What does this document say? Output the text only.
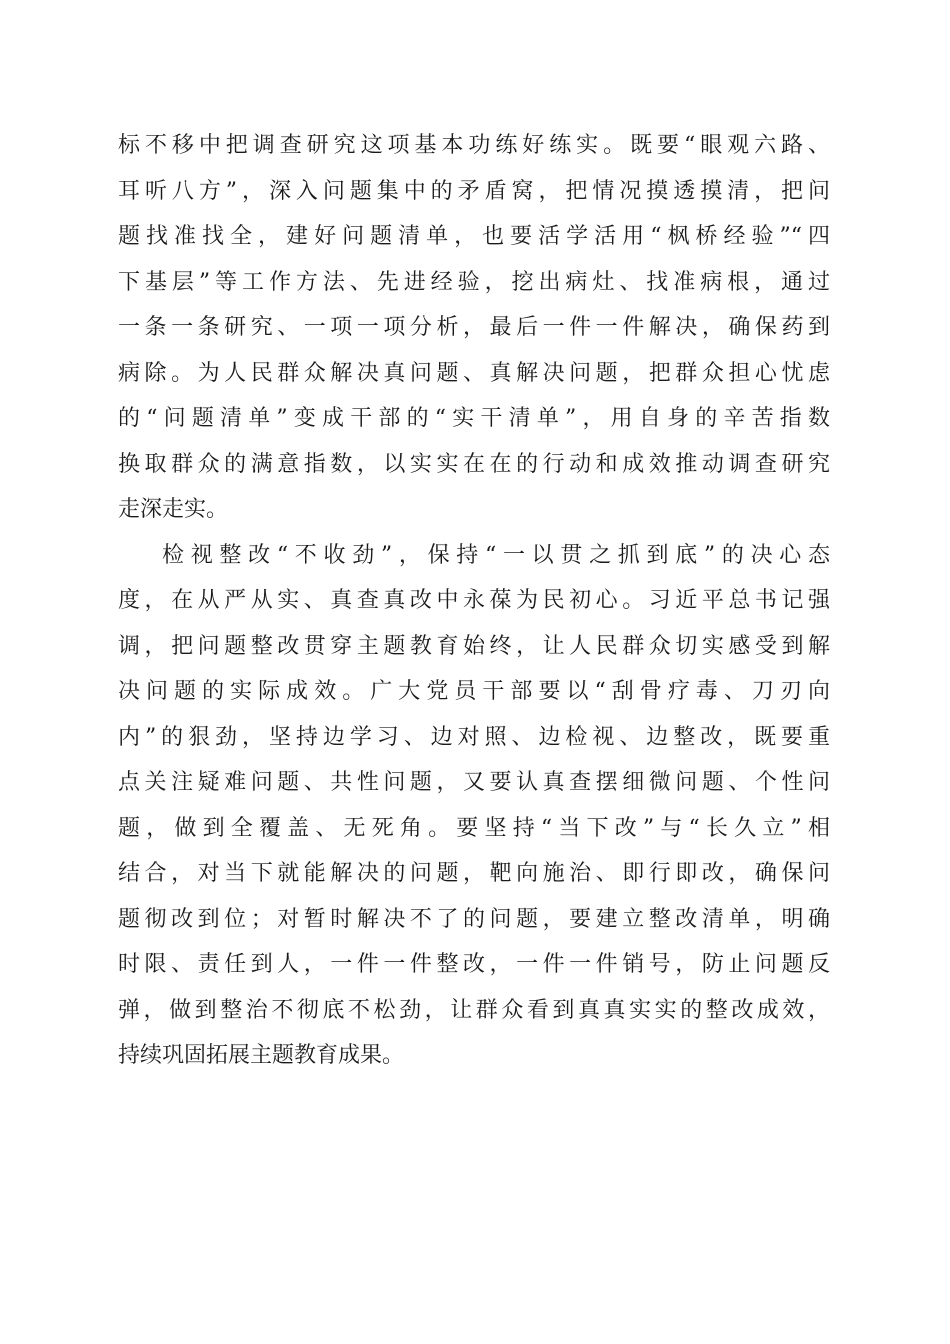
标不移中把调查研究这项基本功练好练实。既要“眼观六路、
耳听八方”，深入问题集中的矛盾窝，把情况摸透摸清，把问
题找准找全，建好问题清单，也要活学活用“枫桥经验”“四
下基层”等工作方法、先进经验，挖出病灶、找准病根，通过
一条一条研究、一项一项分析，最后一件一件解决，确保药到
病除。为人民群众解决真问题、真解决问题，把群众担心忧虑
的“问题清单”变成干部的“实干清单”，用自身的辛苦指数
换取群众的满意指数，以实实在在的行动和成效推动调查研究
走深走实。
检视整改“不收劲”，保持“一以贯之抓到底”的决心态
度，在从严从实、真查真改中永葆为民初心。习近平总书记强
调，把问题整改贯穿主题教育始终，让人民群众切实感受到解
决问题的实际成效。广大党员干部要以“刮骨疗毒、刀刃向
内”的狠劲，坚持边学习、边对照、边检视、边整改，既要重
点关注疑难问题、共性问题，又要认真查摆细微问题、个性问
题，做到全覆盖、无死角。要坚持“当下改”与“长久立”相
结合，对当下就能解决的问题，靶向施治、即行即改，确保问
题彻改到位；对暂时解决不了的问题，要建立整改清单，明确
时限、责任到人，一件一件整改，一件一件销号，防止问题反
弹，做到整治不彻底不松劲，让群众看到真真实实的整改成效，
持续巩固拓展主题教育成果。
